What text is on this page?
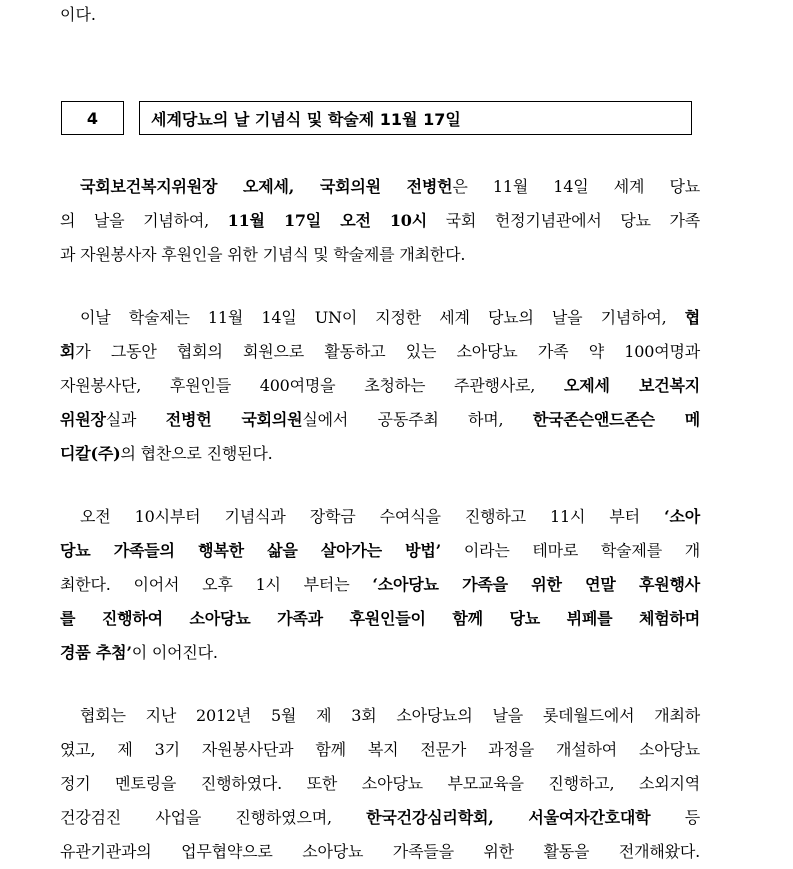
이다.
4	세계당뇨의 날 기념식 및 학술제 11월 17일
국회보건복지위원장 오제세, 국회의원 전병헌은 11월 14일 세계 당뇨
의 날을 기념하여, 11월 17일 오전 10시 국회 헌정기념관에서 당뇨 가족
과 자원봉사자 후원인을 위한 기념식 및 학술제를 개최한다.
이날 학술제는 11월 14일 UN이 지정한 세계 당뇨의 날을 기념하여, 협
회가 그동안 협회의 회원으로 활동하고 있는 소아당뇨 가족 약 100여명과
자원봉사단, 후원인들 400여명을 초청하는 주관행사로, 오제세 보건복지
위원장실과 전병헌 국회의원실에서 공동주최 하며, 한국존슨앤드존슨 메
디칼(주)의 협찬으로 진행된다.
오전 10시부터 기념식과 장학금 수여식을 진행하고 11시 부터 ‘소아
당뇨 가족들의 행복한 삶을 살아가는 방법’ 이라는 테마로 학술제를 개
최한다. 이어서 오후 1시 부터는 ‘소아당뇨 가족을 위한 연말 후원행사
를 진행하여 소아당뇨 가족과 후원인들이 함께 당뇨 뷔페를 체험하며
경품 추첨’이 이어진다.
협회는 지난 2012년 5월 제 3회 소아당뇨의 날을 롯데월드에서 개최하
였고, 제 3기 자원봉사단과 함께 복지 전문가 과정을 개설하여 소아당뇨
정기 멘토링을 진행하였다. 또한 소아당뇨 부모교육을 진행하고, 소외지역
건강검진 사업을 진행하였으며, 한국건강심리학회, 서울여자간호대학 등
유관기관과의 업무협약으로 소아당뇨 가족들을 위한 활동을 전개해왔다.
